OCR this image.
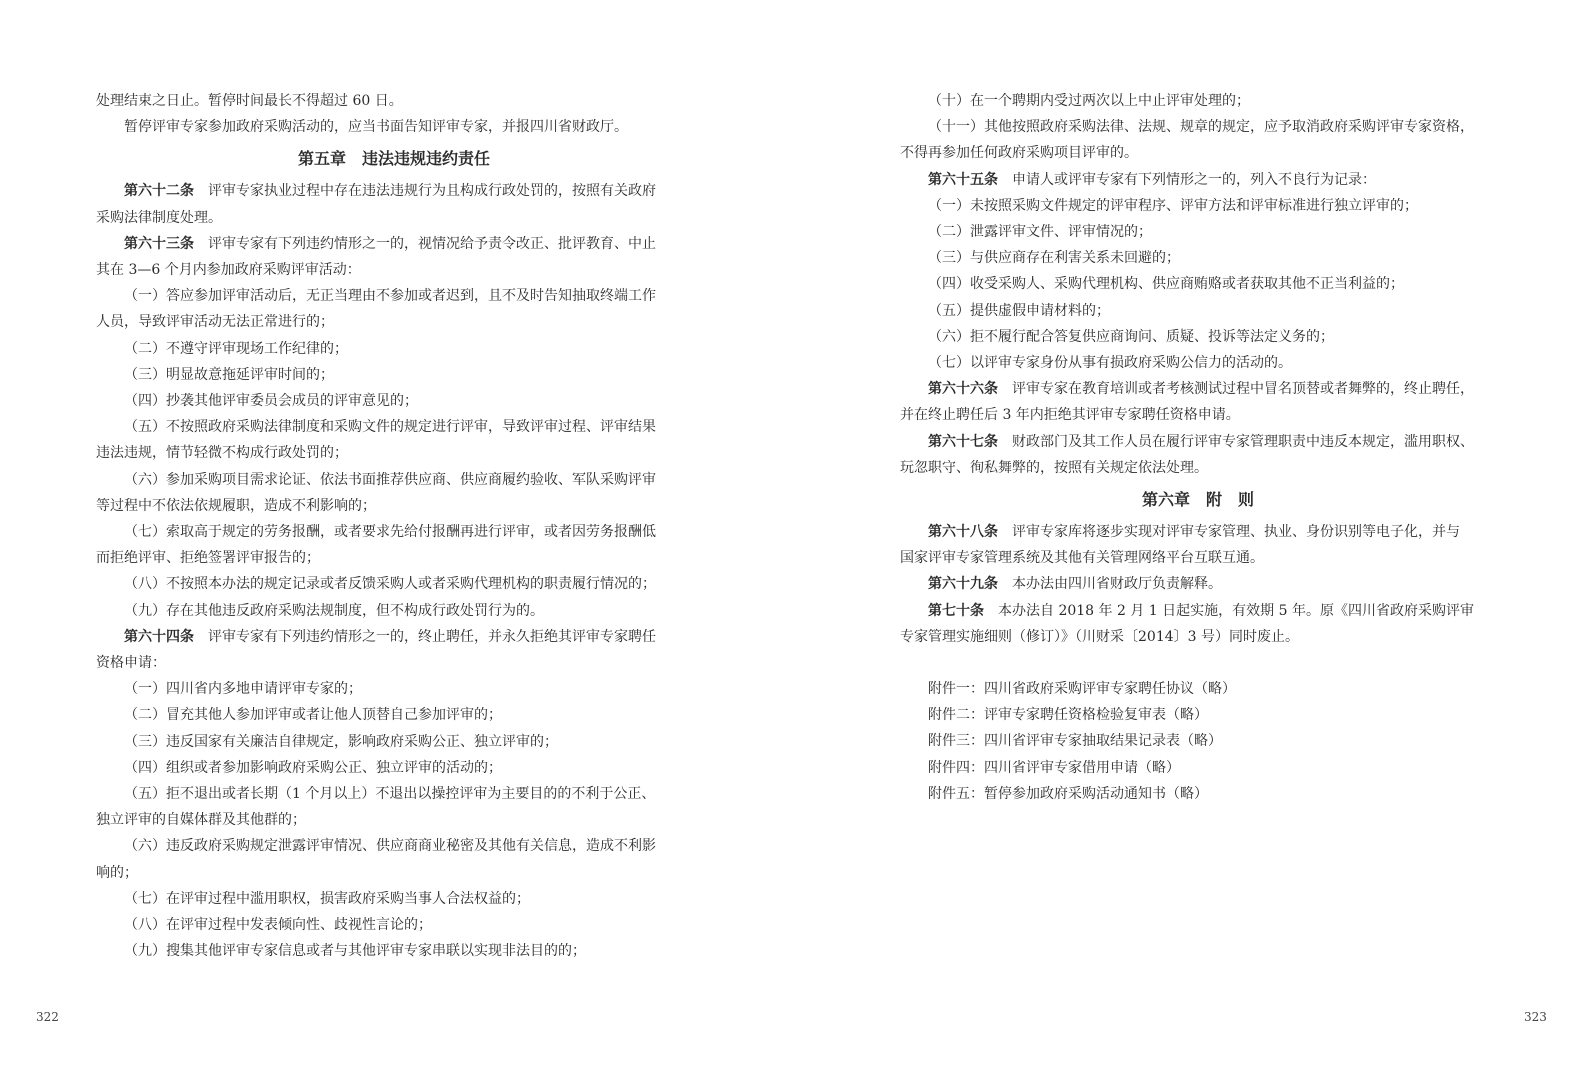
处理结束之日止。暂停时间最长不得超过 60 日。

暂停评审专家参加政府采购活动的，应当书面告知评审专家，并报四川省财政厅。

第五章　违法违规违约责任

第六十二条　评审专家执业过程中存在违法违规行为且构成行政处罚的，按照有关政府

采购法律制度处理。

第六十三条　评审专家有下列违约情形之一的，视情况给予责令改正、批评教育、中止

其在 3—6 个月内参加政府采购评审活动：

（一）答应参加评审活动后，无正当理由不参加或者迟到，且不及时告知抽取终端工作

人员，导致评审活动无法正常进行的；

（二）不遵守评审现场工作纪律的；

（三）明显故意拖延评审时间的；

（四）抄袭其他评审委员会成员的评审意见的；

（五）不按照政府采购法律制度和采购文件的规定进行评审，导致评审过程、评审结果

违法违规，情节轻微不构成行政处罚的；

（六）参加采购项目需求论证、依法书面推荐供应商、供应商履约验收、军队采购评审

等过程中不依法依规履职，造成不利影响的；

（七）索取高于规定的劳务报酬，或者要求先给付报酬再进行评审，或者因劳务报酬低

而拒绝评审、拒绝签署评审报告的；

（八）不按照本办法的规定记录或者反馈采购人或者采购代理机构的职责履行情况的；

（九）存在其他违反政府采购法规制度，但不构成行政处罚行为的。

第六十四条　评审专家有下列违约情形之一的，终止聘任，并永久拒绝其评审专家聘任

资格申请：

（一）四川省内多地申请评审专家的；

（二）冒充其他人参加评审或者让他人顶替自己参加评审的；

（三）违反国家有关廉洁自律规定，影响政府采购公正、独立评审的；

（四）组织或者参加影响政府采购公正、独立评审的活动的；

（五）拒不退出或者长期（1 个月以上）不退出以操控评审为主要目的的不利于公正、

独立评审的自媒体群及其他群的；

（六）违反政府采购规定泄露评审情况、供应商商业秘密及其他有关信息，造成不利影

响的；

（七）在评审过程中滥用职权，损害政府采购当事人合法权益的；

（八）在评审过程中发表倾向性、歧视性言论的；

（九）搜集其他评审专家信息或者与其他评审专家串联以实现非法目的的；

（十）在一个聘期内受过两次以上中止评审处理的；

（十一）其他按照政府采购法律、法规、规章的规定，应予取消政府采购评审专家资格，

不得再参加任何政府采购项目评审的。

第六十五条　申请人或评审专家有下列情形之一的，列入不良行为记录：

（一）未按照采购文件规定的评审程序、评审方法和评审标准进行独立评审的；

（二）泄露评审文件、评审情况的；

（三）与供应商存在利害关系未回避的；

（四）收受采购人、采购代理机构、供应商贿赂或者获取其他不正当利益的；

（五）提供虚假申请材料的；

（六）拒不履行配合答复供应商询问、质疑、投诉等法定义务的；

（七）以评审专家身份从事有损政府采购公信力的活动的。

第六十六条　评审专家在教育培训或者考核测试过程中冒名顶替或者舞弊的，终止聘任，

并在终止聘任后 3 年内拒绝其评审专家聘任资格申请。

第六十七条　财政部门及其工作人员在履行评审专家管理职责中违反本规定，滥用职权、

玩忽职守、徇私舞弊的，按照有关规定依法处理。

第六章　附　则

第六十八条　评审专家库将逐步实现对评审专家管理、执业、身份识别等电子化，并与

国家评审专家管理系统及其他有关管理网络平台互联互通。

第六十九条　本办法由四川省财政厅负责解释。

第七十条　本办法自 2018 年 2 月 1 日起实施，有效期 5 年。原《四川省政府采购评审

专家管理实施细则（修订）》（川财采〔2014〕3 号）同时废止。

附件一：四川省政府采购评审专家聘任协议（略）

附件二：评审专家聘任资格检验复审表（略）

附件三：四川省评审专家抽取结果记录表（略）

附件四：四川省评审专家借用申请（略）

附件五：暂停参加政府采购活动通知书（略）

322	323
